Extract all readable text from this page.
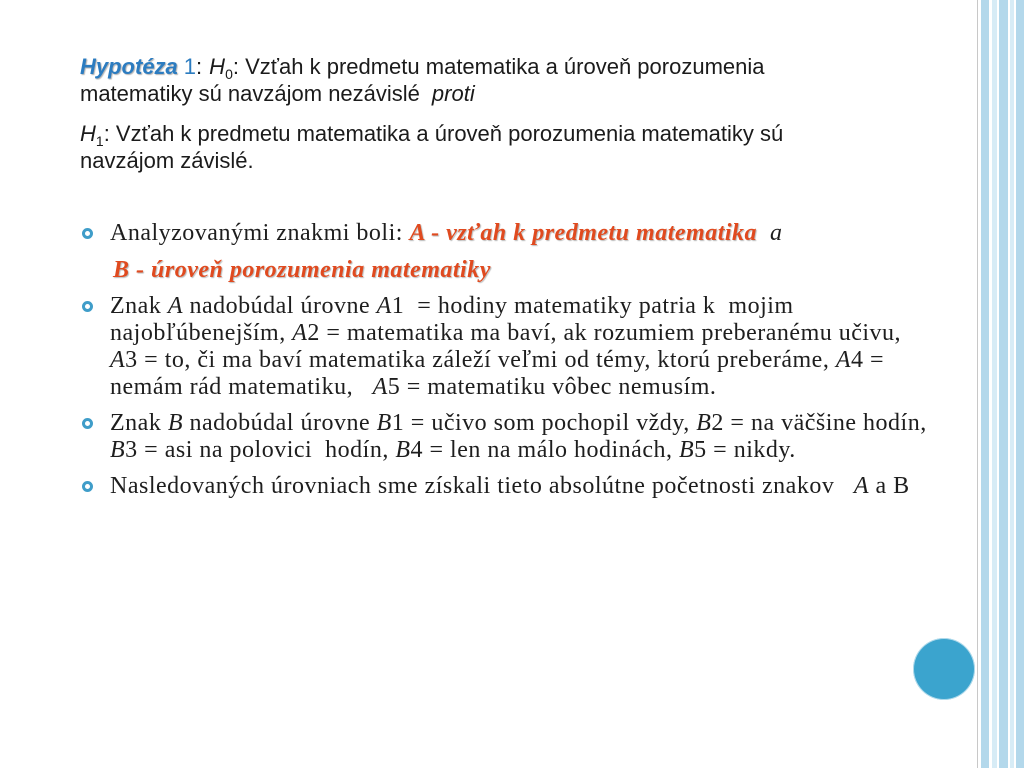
Hypotéza 1: $H_0$: Vzťah k predmetu matematika a úroveň porozumenia
matematiky sú navzájom nezávislé proti
$H_1$: Vzťah k predmetu matematika a úroveň porozumenia matematiky sú
navzájom závislé.
Analyzovanými znakmi boli: A - vzťah k predmetu matematika  a
B - úroveň porozumenia matematiky
Znak A nadobúdal úrovne A1  = hodiny matematiky patria k  mojim
najobľúbenejším, A2 = matematika ma baví, ak rozumiem preberanému učivu,
A3 = to, či ma baví matematika záleží veľmi od témy, ktorú preberáme, A4 =
nemám rád matematiku,   A5 = matematiku vôbec nemusím.
Znak B nadobúdal úrovne B1 = učivo som pochopil vždy, B2 = na väčšine hodín,
B3 = asi na polovici  hodín, B4 = len na málo hodinách, B5 = nikdy.
Nasledovaných úrovniach sme získali tieto absolútne početnosti znakov   A a B
